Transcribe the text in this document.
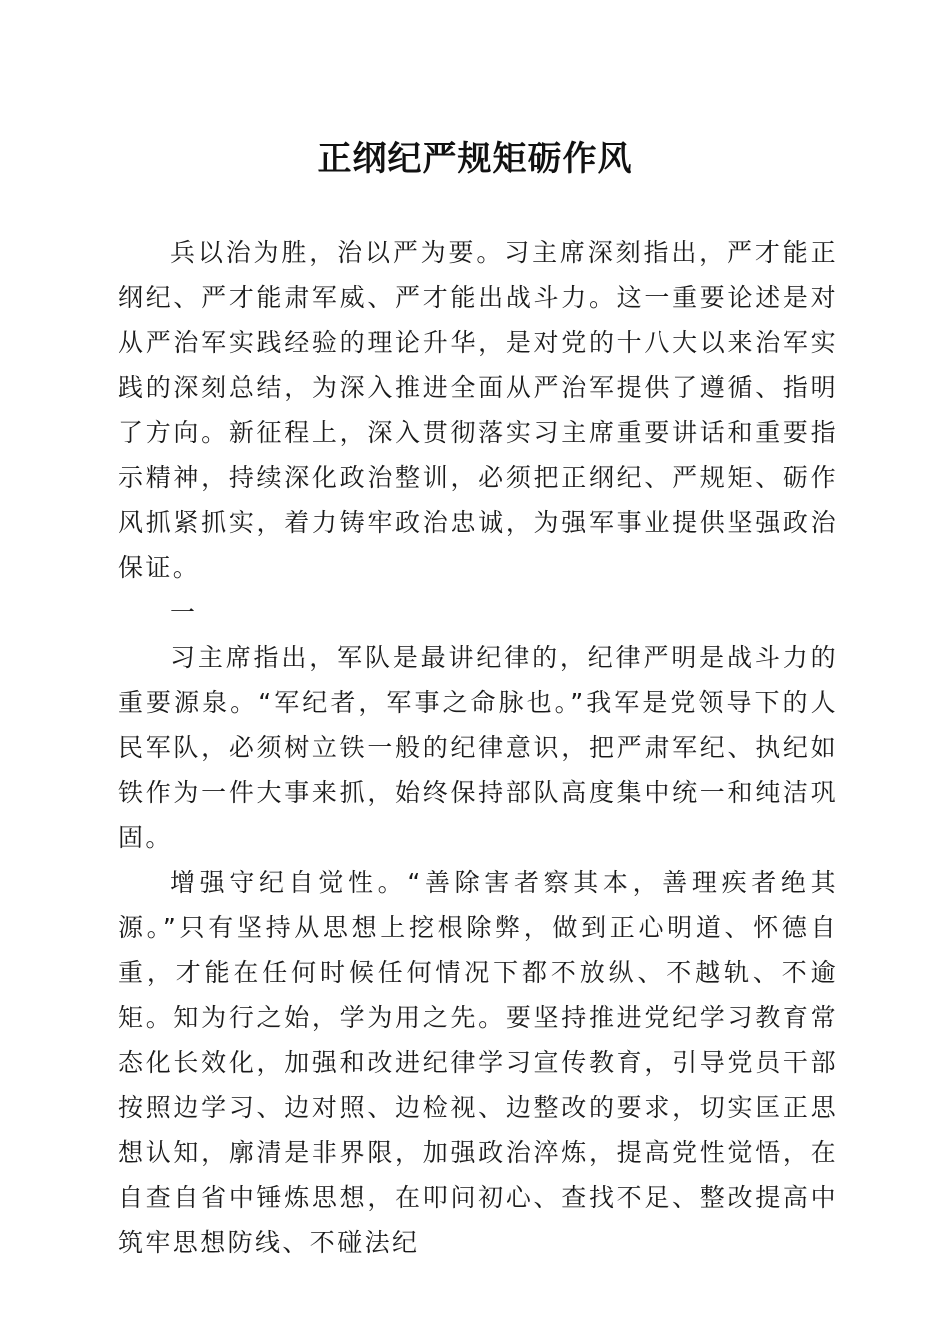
正纲纪严规矩砺作风

兵以治为胜，治以严为要。习主席深刻指出，严才能正纲纪、严才能肃军威、严才能出战斗力。这一重要论述是对从严治军实践经验的理论升华，是对党的十八大以来治军实践的深刻总结，为深入推进全面从严治军提供了遵循、指明了方向。新征程上，深入贯彻落实习主席重要讲话和重要指示精神，持续深化政治整训，必须把正纲纪、严规矩、砺作风抓紧抓实，着力铸牢政治忠诚，为强军事业提供坚强政治保证。

一

习主席指出，军队是最讲纪律的，纪律严明是战斗力的重要源泉。“军纪者，军事之命脉也。”我军是党领导下的人民军队，必须树立铁一般的纪律意识，把严肃军纪、执纪如铁作为一件大事来抓，始终保持部队高度集中统一和纯洁巩固。

增强守纪自觉性。“善除害者察其本，善理疾者绝其源。”只有坚持从思想上挖根除弊，做到正心明道、怀德自重，才能在任何时候任何情况下都不放纵、不越轨、不逾矩。知为行之始，学为用之先。要坚持推进党纪学习教育常态化长效化，加强和改进纪律学习宣传教育，引导党员干部按照边学习、边对照、边检视、边整改的要求，切实匡正思想认知，廓清是非界限，加强政治淬炼，提高党性觉悟，在自查自省中锤炼思想，在叩问初心、查找不足、整改提高中筑牢思想防线、不碰法纪
